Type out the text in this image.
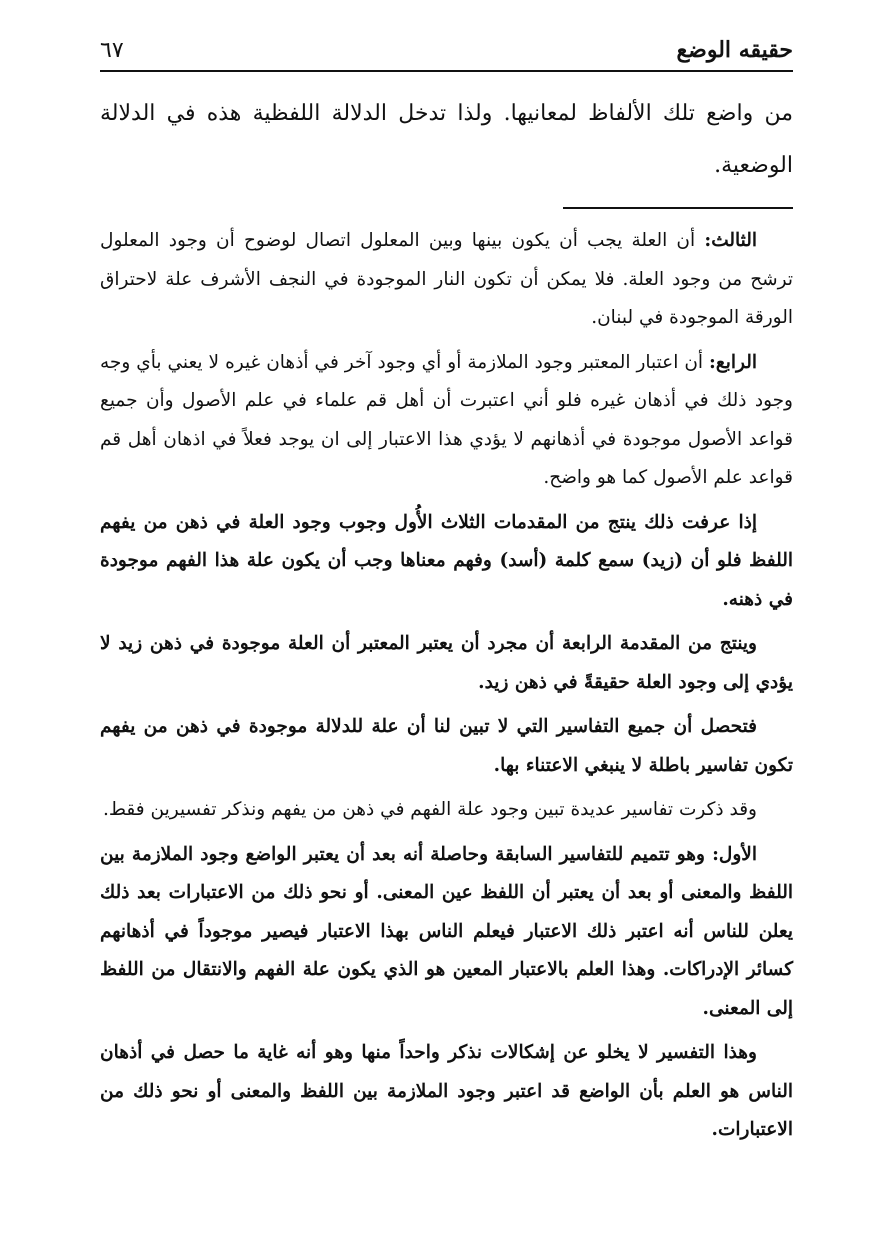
حقيقه الوضع
٦٧
من واضع تلك الألفاظ لمعانيها. ولذا تدخل الدلالة اللفظية هذه في الدلالة الوضعية.

الثالث: أن العلة يجب أن يكون بينها وبين المعلول اتصال لوضوح أن وجود المعلول ترشح من وجود العلة. فلا يمكن أن تكون النار الموجودة في النجف الأشرف علة لاحتراق الورقة الموجودة في لبنان.

الرابع: أن اعتبار المعتبر وجود الملازمة أو أي وجود آخر في أذهان غيره لا يعني بأي وجه وجود ذلك في أذهان غيره فلو أني اعتبرت أن أهل قم علماء في علم الأصول وأن جميع قواعد الأصول موجودة في أذهانهم لا يؤدي هذا الاعتبار إلى ان يوجد فعلاً في اذهان أهل قم قواعد علم الأصول كما هو واضح.

إذا عرفت ذلك ينتج من المقدمات الثلاث الأُول وجوب وجود العلة في ذهن من يفهم اللفظ فلو أن (زيد) سمع كلمة (أسد) وفهم معناها وجب أن يكون علة هذا الفهم موجودة في ذهنه.

وينتج من المقدمة الرابعة أن مجرد أن يعتبر المعتبر أن العلة موجودة في ذهن زيد لا يؤدي إلى وجود العلة حقيقةً في ذهن زيد.

فتحصل أن جميع التفاسير التي لا تبين لنا أن علة للدلالة موجودة في ذهن من يفهم تكون تفاسير باطلة لا ينبغي الاعتناء بها.

وقد ذكرت تفاسير عديدة تبين وجود علة الفهم في ذهن من يفهم ونذكر تفسيرين فقط.

الأول: وهو تتميم للتفاسير السابقة وحاصلة أنه بعد أن يعتبر الواضع وجود الملازمة بين اللفظ والمعنى أو بعد أن يعتبر أن اللفظ عين المعنى. أو نحو ذلك من الاعتبارات بعد ذلك يعلن للناس أنه اعتبر ذلك الاعتبار فيعلم الناس بهذا الاعتبار فيصير موجوداً في أذهانهم كسائر الإدراكات. وهذا العلم بالاعتبار المعين هو الذي يكون علة الفهم والانتقال من اللفظ إلى المعنى.

وهذا التفسير لا يخلو عن إشكالات نذكر واحداً منها وهو أنه غاية ما حصل في أذهان الناس هو العلم بأن الواضع قد اعتبر وجود الملازمة بين اللفظ والمعنى أو نحو ذلك من الاعتبارات.
